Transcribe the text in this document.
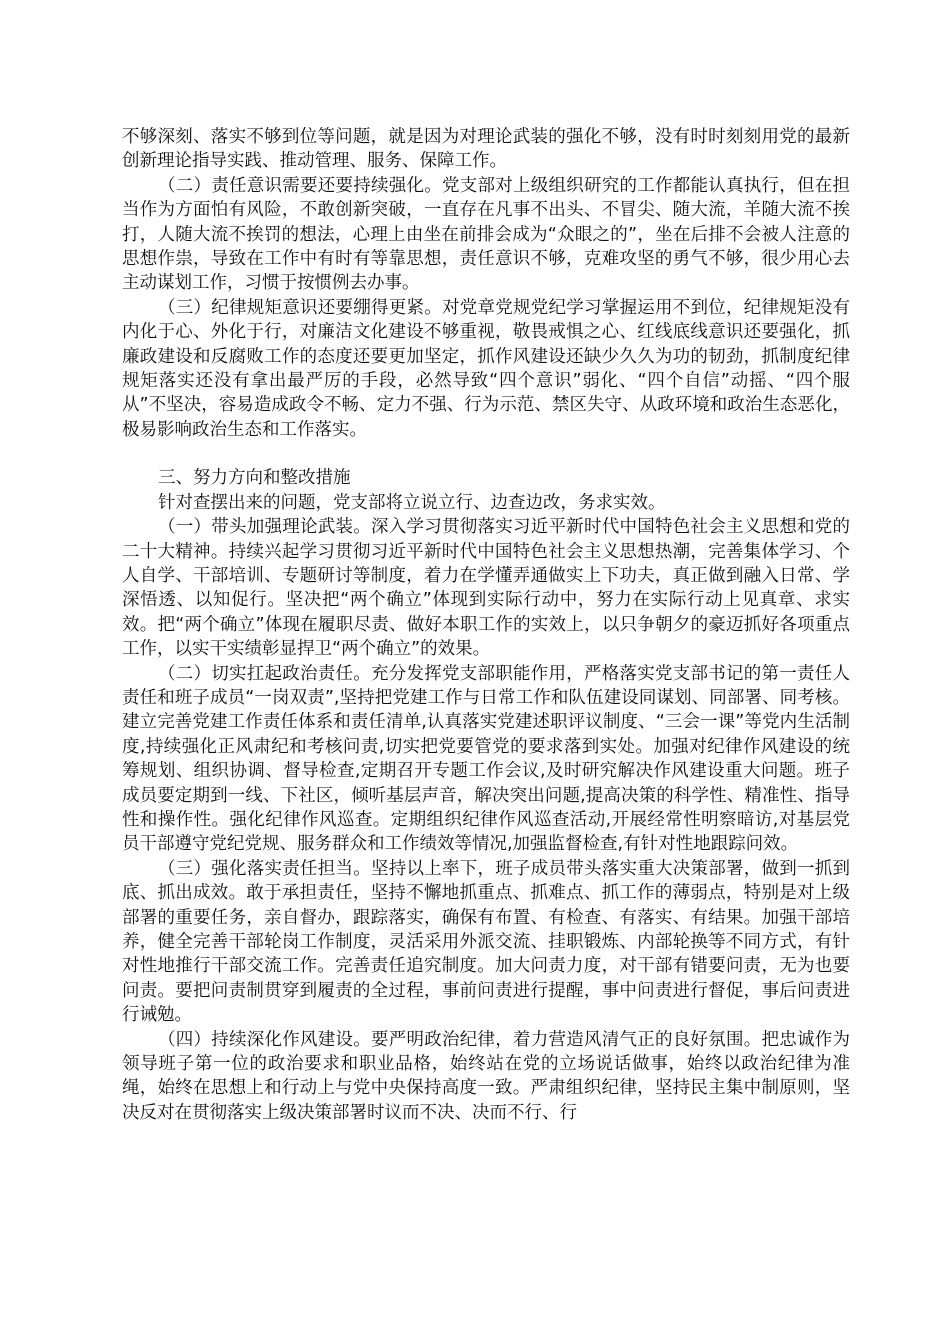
不够深刻、落实不够到位等问题，就是因为对理论武装的强化不够，没有时时刻刻用党的最新创新理论指导实践、推动管理、服务、保障工作。

（二）责任意识需要还要持续强化。党支部对上级组织研究的工作都能认真执行，但在担当作为方面怕有风险，不敢创新突破，一直存在凡事不出头、不冒尖、随大流，羊随大流不挨打，人随大流不挨罚的想法，心理上由坐在前排会成为“众眼之的”，坐在后排不会被人注意的思想作祟，导致在工作中有时有等靠思想，责任意识不够，克难攻坚的勇气不够，很少用心去主动谋划工作，习惯于按惯例去办事。

（三）纪律规矩意识还要绷得更紧。对党章党规党纪学习掌握运用不到位，纪律规矩没有内化于心、外化于行，对廉洁文化建设不够重视，敬畏戒惧之心、红线底线意识还要强化，抓廉政建设和反腐败工作的态度还要更加坚定，抓作风建设还缺少久久为功的韧劲，抓制度纪律规矩落实还没有拿出最严厉的手段，必然导致“四个意识”弱化、“四个自信”动摇、“四个服从”不坚决，容易造成政令不畅、定力不强、行为示范、禁区失守、从政环境和政治生态恶化，极易影响政治生态和工作落实。

三、努力方向和整改措施

针对查摆出来的问题，党支部将立说立行、边查边改，务求实效。

（一）带头加强理论武装。深入学习贯彻落实习近平新时代中国特色社会主义思想和党的二十大精神。持续兴起学习贯彻习近平新时代中国特色社会主义思想热潮，完善集体学习、个人自学、干部培训、专题研讨等制度，着力在学懂弄通做实上下功夫，真正做到融入日常、学深悟透、以知促行。坚决把“两个确立”体现到实际行动中，努力在实际行动上见真章、求实效。把“两个确立”体现在履职尽责、做好本职工作的实效上，以只争朝夕的豪迈抓好各项重点工作，以实干实绩彰显捍卫“两个确立”的效果。

（二）切实扛起政治责任。充分发挥党支部职能作用，严格落实党支部书记的第一责任人责任和班子成员“一岗双责”,坚持把党建工作与日常工作和队伍建设同谋划、同部署、同考核。建立完善党建工作责任体系和责任清单,认真落实党建述职评议制度、“三会一课”等党内生活制度,持续强化正风肃纪和考核问责,切实把党要管党的要求落到实处。加强对纪律作风建设的统筹规划、组织协调、督导检查,定期召开专题工作会议,及时研究解决作风建设重大问题。班子成员要定期到一线、下社区，倾听基层声音，解决突出问题,提高决策的科学性、精准性、指导性和操作性。强化纪律作风巡查。定期组织纪律作风巡查活动,开展经常性明察暗访,对基层党员干部遵守党纪党规、服务群众和工作绩效等情况,加强监督检查,有针对性地跟踪问效。

（三）强化落实责任担当。坚持以上率下，班子成员带头落实重大决策部署，做到一抓到底、抓出成效。敢于承担责任，坚持不懈地抓重点、抓难点、抓工作的薄弱点，特别是对上级部署的重要任务，亲自督办，跟踪落实，确保有布置、有检查、有落实、有结果。加强干部培养，健全完善干部轮岗工作制度，灵活采用外派交流、挂职锻炼、内部轮换等不同方式，有针对性地推行干部交流工作。完善责任追究制度。加大问责力度，对干部有错要问责，无为也要问责。要把问责制贯穿到履责的全过程，事前问责进行提醒，事中问责进行督促，事后问责进行诫勉。

（四）持续深化作风建设。要严明政治纪律，着力营造风清气正的良好氛围。把忠诚作为领导班子第一位的政治要求和职业品格，始终站在党的立场说话做事，始终以政治纪律为准绳，始终在思想上和行动上与党中央保持高度一致。严肃组织纪律，坚持民主集中制原则，坚决反对在贯彻落实上级决策部署时议而不决、决而不行、行
